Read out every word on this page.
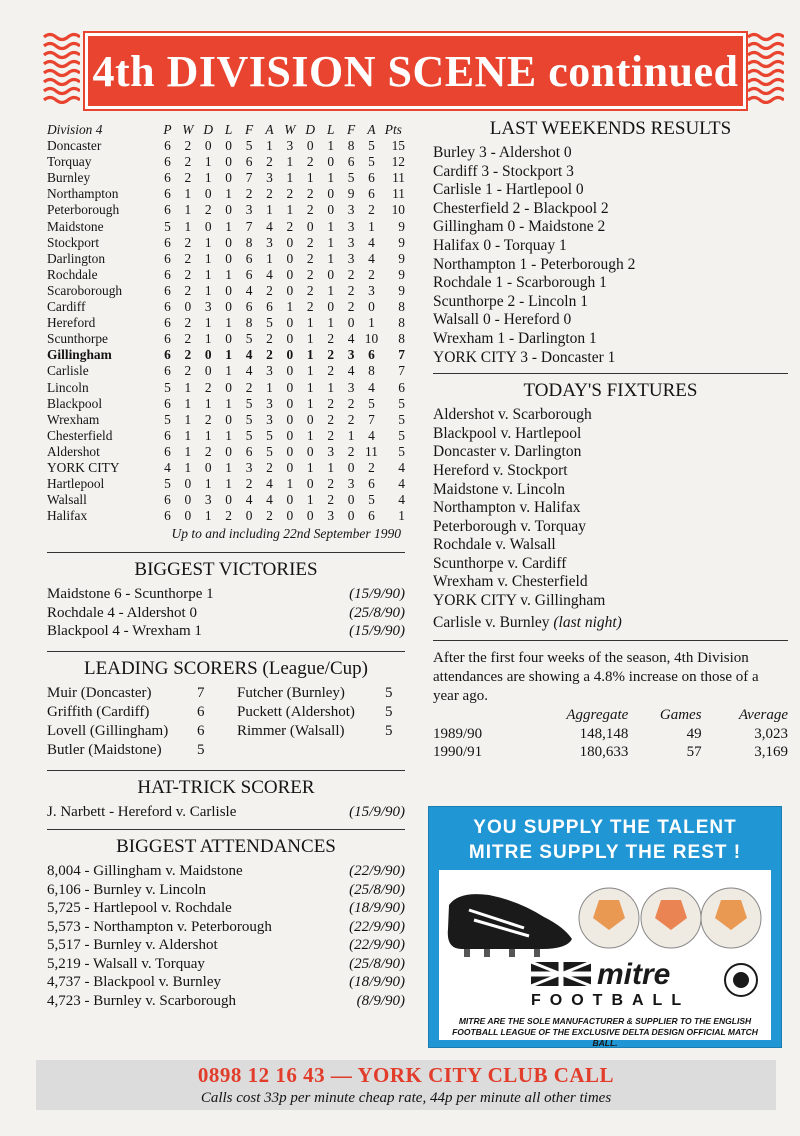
4th DIVISION SCENE continued
Division 4	P	W	D	L	F	A	W	D	L	F	A	Pts
Doncaster	6	2	0	0	5	1	3	0	1	8	5	15
Torquay	6	2	1	0	6	2	1	2	0	6	5	12
Burnley	6	2	1	0	7	3	1	1	1	5	6	11
Northampton	6	1	0	1	2	2	2	2	0	9	6	11
Peterborough	6	1	2	0	3	1	1	2	0	3	2	10
Maidstone	5	1	0	1	7	4	2	0	1	3	1	9
Stockport	6	2	1	0	8	3	0	2	1	3	4	9
Darlington	6	2	1	0	6	1	0	2	1	3	4	9
Rochdale	6	2	1	1	6	4	0	2	0	2	2	9
Scaroborough	6	2	1	0	4	2	0	2	1	2	3	9
Cardiff	6	0	3	0	6	6	1	2	0	2	0	8
Hereford	6	2	1	1	8	5	0	1	1	0	1	8
Scunthorpe	6	2	1	0	5	2	0	1	2	4	10	8
Gillingham	6	2	0	1	4	2	0	1	2	3	6	7
Carlisle	6	2	0	1	4	3	0	1	2	4	8	7
Lincoln	5	1	2	0	2	1	0	1	1	3	4	6
Blackpool	6	1	1	1	5	3	0	1	2	2	5	5
Wrexham	5	1	2	0	5	3	0	0	2	2	7	5
Chesterfield	6	1	1	1	5	5	0	1	2	1	4	5
Aldershot	6	1	2	0	6	5	0	0	3	2	11	5
YORK CITY	4	1	0	1	3	2	0	1	1	0	2	4
Hartlepool	5	0	1	1	2	4	1	0	2	3	6	4
Walsall	6	0	3	0	4	4	0	1	2	0	5	4
Halifax	6	0	1	2	0	2	0	0	3	0	6	1
Up to and including 22nd September 1990
BIGGEST VICTORIES
Maidstone 6 - Scunthorpe 1	(15/9/90)
Rochdale 4 - Aldershot 0	(25/8/90)
Blackpool 4 - Wrexham 1	(15/9/90)
LEADING SCORERS (League/Cup)
Muir (Doncaster)	7	Futcher (Burnley)	5
Griffith (Cardiff)	6	Puckett (Aldershot)	5
Lovell (Gillingham)	6	Rimmer (Walsall)	5
Butler (Maidstone)	5
HAT-TRICK SCORER
J. Narbett - Hereford v. Carlisle	(15/9/90)
BIGGEST ATTENDANCES
8,004 - Gillingham v. Maidstone	(22/9/90)
6,106 - Burnley v. Lincoln	(25/8/90)
5,725 - Hartlepool v. Rochdale	(18/9/90)
5,573 - Northampton v. Peterborough	(22/9/90)
5,517 - Burnley v. Aldershot	(22/9/90)
5,219 - Walsall v. Torquay	(25/8/90)
4,737 - Blackpool v. Burnley	(18/9/90)
4,723 - Burnley v. Scarborough	(8/9/90)
LAST WEEKENDS RESULTS
Burley 3 - Aldershot 0
Cardiff 3 - Stockport 3
Carlisle 1 - Hartlepool 0
Chesterfield 2 - Blackpool 2
Gillingham 0 - Maidstone 2
Halifax 0 - Torquay 1
Northampton 1 - Peterborough 2
Rochdale 1 - Scarborough 1
Scunthorpe 2 - Lincoln 1
Walsall 0 - Hereford 0
Wrexham 1 - Darlington 1
YORK CITY 3 - Doncaster 1
TODAY'S FIXTURES
Aldershot v. Scarborough
Blackpool v. Hartlepool
Doncaster v. Darlington
Hereford v. Stockport
Maidstone v. Lincoln
Northampton v. Halifax
Peterborough v. Torquay
Rochdale v. Walsall
Scunthorpe v. Cardiff
Wrexham v. Chesterfield
YORK CITY v. Gillingham
Carlisle v. Burnley (last night)
After the first four weeks of the season, 4th Division attendances are showing a 4.8% increase on those of a year ago.
	Aggregate	Games	Average
1989/90	148,148	49	3,023
1990/91	180,633	57	3,169
YOU SUPPLY THE TALENT
MITRE SUPPLY THE REST !
mitre
FOOTBALL
MITRE ARE THE SOLE MANUFACTURER & SUPPLIER TO THE ENGLISH FOOTBALL LEAGUE OF THE EXCLUSIVE DELTA DESIGN OFFICIAL MATCH BALL.
0898 12 16 43 — YORK CITY CLUB CALL
Calls cost 33p per minute cheap rate, 44p per minute all other times
